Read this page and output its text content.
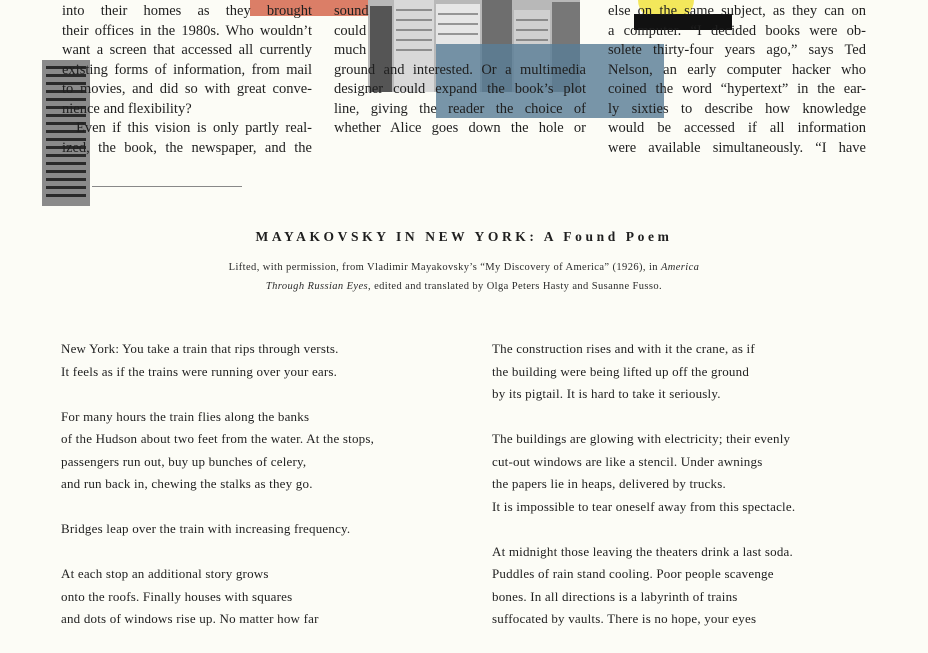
into their homes as they brought
their offices in the 1980s. Who wouldn’t
want a screen that accessed all currently
existing forms of information, from mail
to movies, and did so with great conve-
nience and flexibility?
Even if this vision is only partly real-
ized, the book, the newspaper, and the
sound
could
much
ground and interested. Or a multimedia
designer could expand the book’s plot
line, giving the reader the choice of
whether Alice goes down the hole or
else on the same subject, as they can on
a computer. “I decided books were ob-
solete thirty-four years ago,” says Ted
Nelson, an early computer hacker who
coined the word “hypertext” in the ear-
ly sixties to describe how knowledge
would be accessed if all information
were available simultaneously. “I have
MAYAKOVSKY IN NEW YORK: A Found Poem
Lifted, with permission, from Vladimir Mayakovsky’s “My Discovery of America” (1926), in America
Through Russian Eyes, edited and translated by Olga Peters Hasty and Susanne Fusso.
New York: You take a train that rips through versts.
It feels as if the trains were running over your ears.
For many hours the train flies along the banks
of the Hudson about two feet from the water. At the stops,
passengers run out, buy up bunches of celery,
and run back in, chewing the stalks as they go.
Bridges leap over the train with increasing frequency.
At each stop an additional story grows
onto the roofs. Finally houses with squares
and dots of windows rise up. No matter how far
The construction rises and with it the crane, as if
the building were being lifted up off the ground
by its pigtail. It is hard to take it seriously.
The buildings are glowing with electricity; their evenly
cut-out windows are like a stencil. Under awnings
the papers lie in heaps, delivered by trucks.
It is impossible to tear oneself away from this spectacle.
At midnight those leaving the theaters drink a last soda.
Puddles of rain stand cooling. Poor people scavenge
bones. In all directions is a labyrinth of trains
suffocated by vaults. There is no hope, your eyes
